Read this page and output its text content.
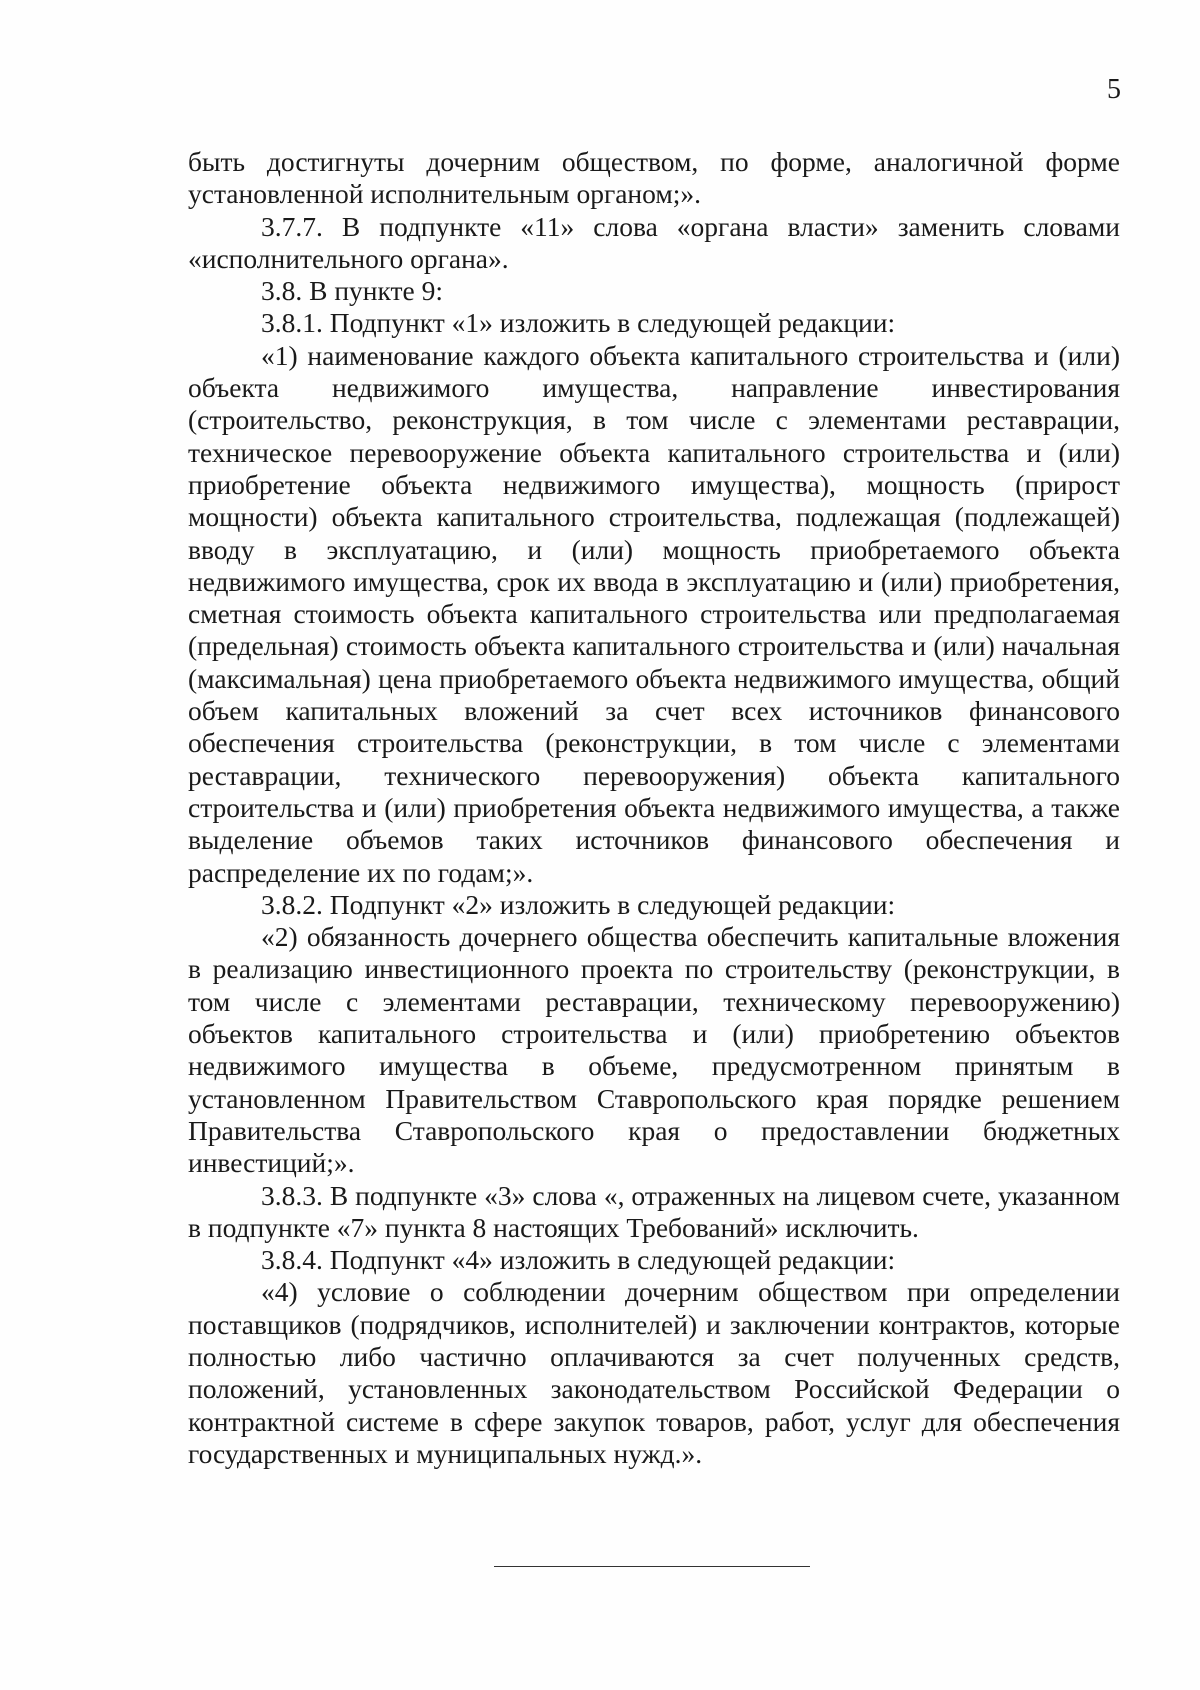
5

быть достигнуты дочерним обществом, по форме, аналогичной форме установленной исполнительным органом;».

3.7.7. В подпункте «11» слова «органа власти» заменить словами «исполнительного органа».

3.8. В пункте 9:

3.8.1. Подпункт «1» изложить в следующей редакции:

«1) наименование каждого объекта капитального строительства и (или) объекта недвижимого имущества, направление инвестирования (строительство, реконструкция, в том числе с элементами реставрации, техническое перевооружение объекта капитального строительства и (или) приобретение объекта недвижимого имущества), мощность (прирост мощности) объекта капитального строительства, подлежащая (подлежащей) вводу в эксплуатацию, и (или) мощность приобретаемого объекта недвижимого имущества, срок их ввода в эксплуатацию и (или) приобретения, сметная стоимость объекта капитального строительства или предполагаемая (предельная) стоимость объекта капитального строительства и (или) начальная (максимальная) цена приобретаемого объекта недвижимого имущества, общий объем капитальных вложений за счет всех источников финансового обеспечения строительства (реконструкции, в том числе с элементами реставрации, технического перевооружения) объекта капитального строительства и (или) приобретения объекта недвижимого имущества, а также выделение объемов таких источников финансового обеспечения и распределение их по годам;».

3.8.2. Подпункт «2» изложить в следующей редакции:

«2) обязанность дочернего общества обеспечить капитальные вложения в реализацию инвестиционного проекта по строительству (реконструкции, в том числе с элементами реставрации, техническому перевооружению) объектов капитального строительства и (или) приобретению объектов недвижимого имущества в объеме, предусмотренном принятым в установленном Правительством Ставропольского края порядке решением Правительства Ставропольского края о предоставлении бюджетных инвестиций;».

3.8.3. В подпункте «3» слова «, отраженных на лицевом счете, указанном в подпункте «7» пункта 8 настоящих Требований» исключить.

3.8.4. Подпункт «4» изложить в следующей редакции:

«4) условие о соблюдении дочерним обществом при определении поставщиков (подрядчиков, исполнителей) и заключении контрактов, которые полностью либо частично оплачиваются за счет полученных средств, положений, установленных законодательством Российской Федерации о контрактной системе в сфере закупок товаров, работ, услуг для обеспечения государственных и муниципальных нужд.».
